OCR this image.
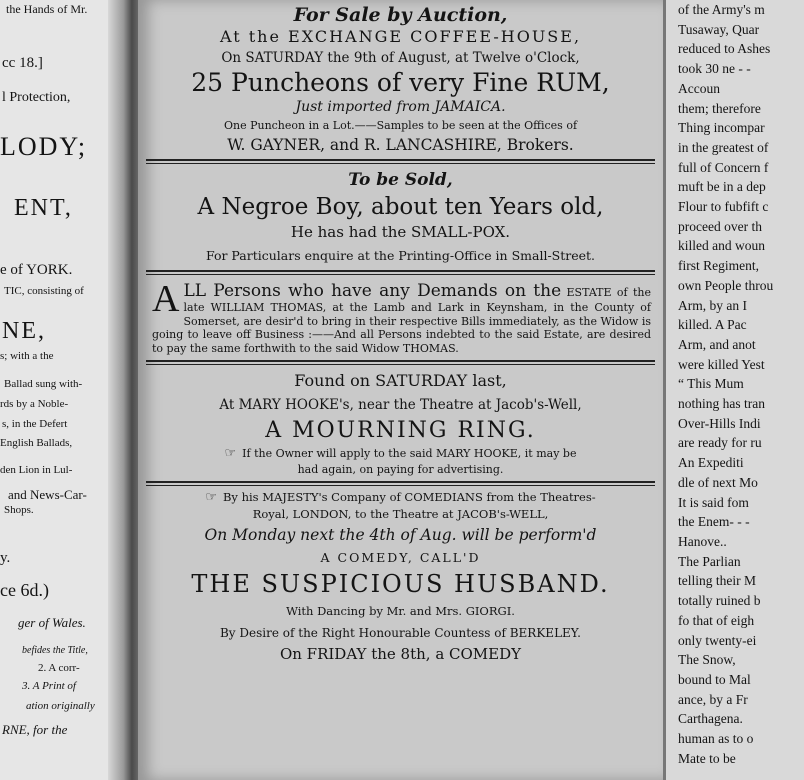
the Hands of Mr.
cc 18.]
l Protection,
LODY;
ENT,
e of YORK.
TIC, consisting of
NE,
s; with a the
Ballad sung with-
rds by a Noble-
s, in the Defert
English Ballads,
den Lion in Lul-
and News-Car-
Shops.
y.
ce 6d.)
ger of Wales.
befides the Title,
2. A corr-
3. A Print of
ation originally
RNE, for the
For Sale by Auction,
At the EXCHANGE COFFEE-HOUSE,
On SATURDAY the 9th of August, at Twelve o'Clock,
25 Puncheons of very Fine RUM,
Just imported from JAMAICA.
One Puncheon in a Lot.——Samples to be seen at the Offices of
W. GAYNER, and R. LANCASHIRE, Brokers.
To be Sold,
A Negroe Boy, about ten Years old,
He has had the SMALL-POX.
For Particulars enquire at the Printing-Office in Small-Street.
A LL Persons who have any Demands on the ESTATE of the late WILLIAM THOMAS, at the Lamb and Lark in Keynsham, in the County of Somerset, are desir'd to bring in their respective Bills immediately, as the Widow is going to leave off Business :——And all Persons indebted to the said Estate, are desired to pay the same forthwith to the said Widow THOMAS.
Found on SATURDAY last,
At MARY HOOKE's, near the Theatre at Jacob's-Well,
A MOURNING RING.
☞ If the Owner will apply to the said MARY HOOKE, it may be
had again, on paying for advertising.
☞ By his MAJESTY's Company of COMEDIANS from the Theatres-
Royal, LONDON, to the Theatre at JACOB's-WELL,
On Monday next the 4th of Aug. will be perform'd
A COMEDY, CALL'D
THE SUSPICIOUS HUSBAND.
With Dancing by Mr. and Mrs. GIORGI.
By Desire of the Right Honourable Countess of BERKELEY.
On FRIDAY the 8th, a COMEDY
of the Army's m
Tusaway, Quar
reduced to Ashes
took 30 ne - -
Accoun
them; therefore
Thing incompar
in the greatest of
full of Concern f
muft be in a dep
Flour to fubfift c
proceed over th
killed and woun
first Regiment,
own People throu
Arm, by an I
killed. A Pac
Arm, and anot
were killed Yest
“ This Mum
nothing has tran
Over-Hills Indi
are ready for ru
An Expediti
dle of next Mo
It is said fom
the Enem- - -
Hanove..
The Parlian
telling their M
totally ruined b
fo that of eigh
only twenty-ei
The Snow,
bound to Mal
ance, by a Fr
Carthagena.
human as to o
Mate to be
